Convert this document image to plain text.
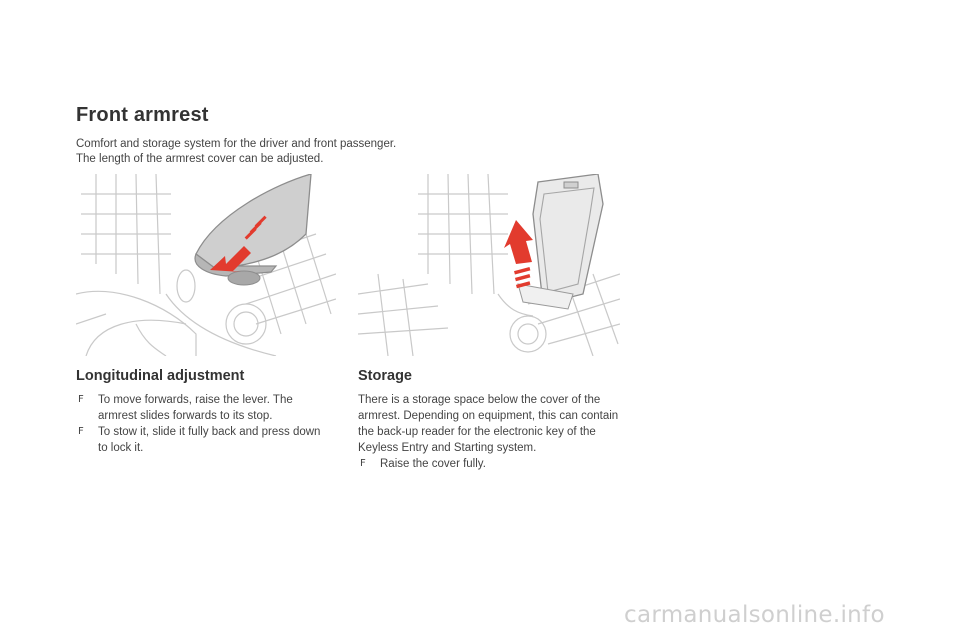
Front armrest

Comfort and storage system for the driver and front passenger.

The length of the armrest cover can be adjusted.

Longitudinal adjustment
F To move forwards, raise the lever. The armrest slides forwards to its stop.
F To stow it, slide it fully back and press down to lock it.
Storage

There is a storage space below the cover of the armrest. Depending on equipment, this can contain the back-up reader for the electronic key of the Keyless Entry and Starting system.

F Raise the cover fully.
carmanualsonline.info
